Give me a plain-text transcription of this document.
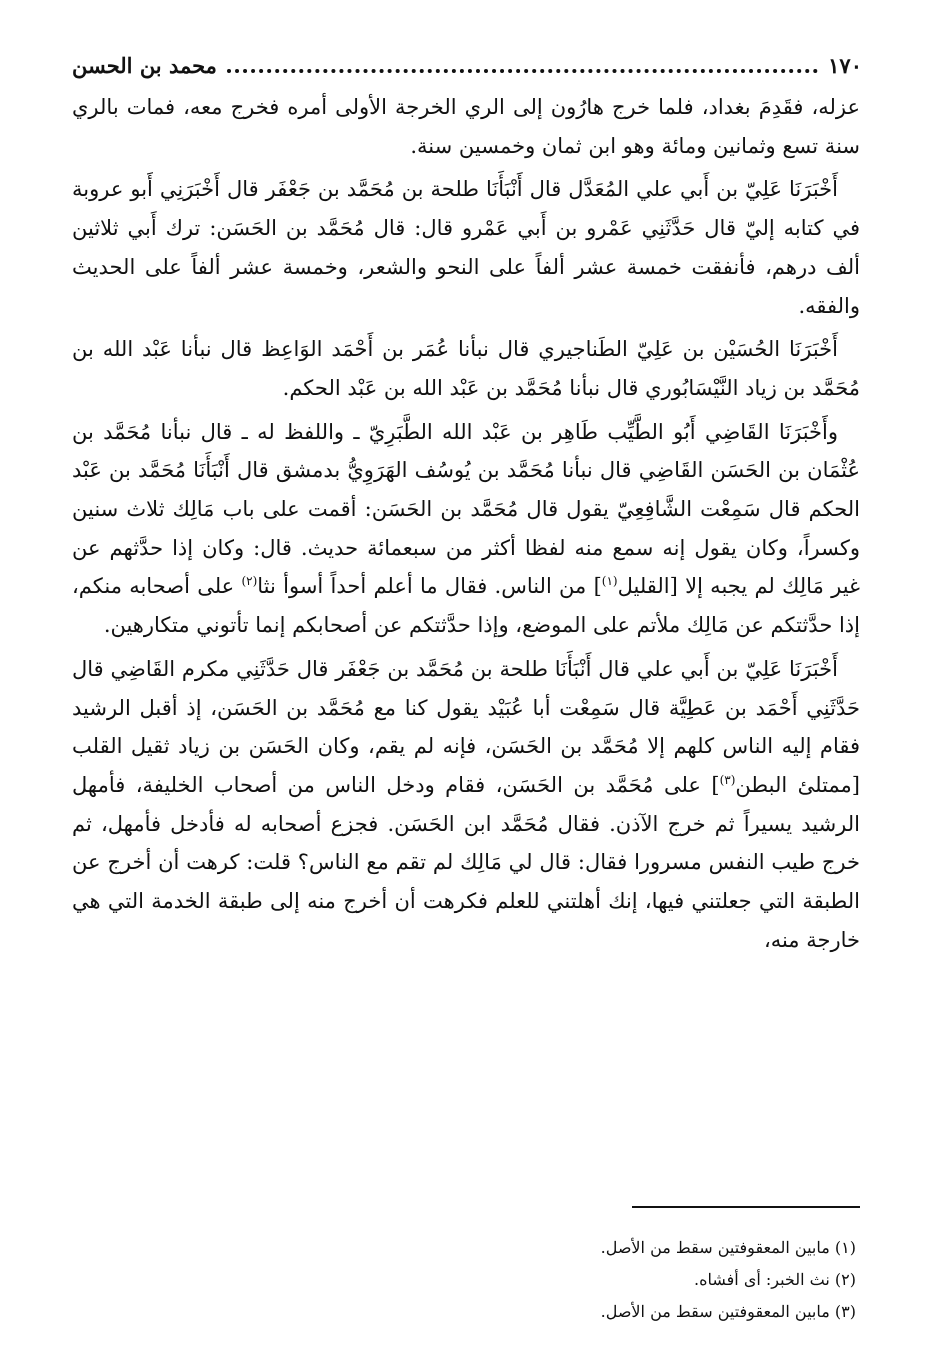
١٧٠
محمد بن الحسن

عزله، فقَدِمَ بغداد، فلما خرج هارُون إلى الري الخرجة الأولى أمره فخرج معه، فمات بالري سنة تسع وثمانين ومائة وهو ابن ثمان وخمسين سنة.

أَخْبَرَنَا عَلِيّ بن أَبي علي المُعَدَّل قال أَنْبَأَنَا طلحة بن مُحَمَّد بن جَعْفَر قال أَخْبَرَنِي أَبو عروبة في كتابه إليّ قال حَدَّثَنِي عَمْرو بن أَبي عَمْرو قال: قال مُحَمَّد بن الحَسَن: ترك أَبي ثلاثين ألف درهم، فأنفقت خمسة عشر ألفاً على النحو والشعر، وخمسة عشر ألفاً على الحديث والفقه.

أَخْبَرَنَا الحُسَيْن بن عَلِيّ الطَناجيري قال نبأنا عُمَر بن أَحْمَد الوَاعِظ قال نبأنا عَبْد الله بن مُحَمَّد بن زياد النَّيْسَابُوري قال نبأنا مُحَمَّد بن عَبْد الله بن عَبْد الحكم.

وأَخْبَرَنَا القَاضِي أَبُو الطَّيِّب طَاهِر بن عَبْد الله الطَّبَرِيّ ـ واللفظ له ـ قال نبأنا مُحَمَّد بن عُثْمَان بن الحَسَن القَاضِي قال نبأنا مُحَمَّد بن يُوسُف الهَرَوِيُّ بدمشق قال أَنْبَأَنَا مُحَمَّد بن عَبْد الحكم قال سَمِعْت الشَّافِعِيّ يقول قال مُحَمَّد بن الحَسَن: أقمت على باب مَالِك ثلاث سنين وكسراً، وكان يقول إنه سمع منه لفظا أكثر من سبعمائة حديث. قال: وكان إذا حدَّثهم عن غير مَالِك لم يجبه إلا [القليل$^{(١)}$] من الناس. فقال ما أعلم أحداً أسوأ نثا$^{(٢)}$ على أصحابه منكم، إذا حدَّثتكم عن مَالِك ملأتم على الموضع، وإذا حدَّثتكم عن أصحابكم إنما تأتوني متكارهين.

أَخْبَرَنَا عَلِيّ بن أَبي علي قال أَنْبَأَنَا طلحة بن مُحَمَّد بن جَعْفَر قال حَدَّثَنِي مكرم القَاضِي قال حَدَّثَنِي أَحْمَد بن عَطِيَّة قال سَمِعْت أبا عُبَيْد يقول كنا مع مُحَمَّد بن الحَسَن، إذ أقبل الرشيد فقام إليه الناس كلهم إلا مُحَمَّد بن الحَسَن، فإنه لم يقم، وكان الحَسَن بن زياد ثقيل القلب [ممتلئ البطن$^{(٣)}$] على مُحَمَّد بن الحَسَن، فقام ودخل الناس من أصحاب الخليفة، فأمهل الرشيد يسيراً ثم خرج الآذن. فقال مُحَمَّد ابن الحَسَن. فجزع أصحابه له فأدخل فأمهل، ثم خرج طيب النفس مسرورا فقال: قال لي مَالِك لم تقم مع الناس؟ قلت: كرهت أن أخرج عن الطبقة التي جعلتني فيها، إنك أهلتني للعلم فكرهت أن أخرج منه إلى طبقة الخدمة التي هي خارجة منه،

(١) مابين المعقوفتين سقط من الأصل.

(٢) نث الخبر: أى أفشاه.

(٣) مابين المعقوفتين سقط من الأصل.
